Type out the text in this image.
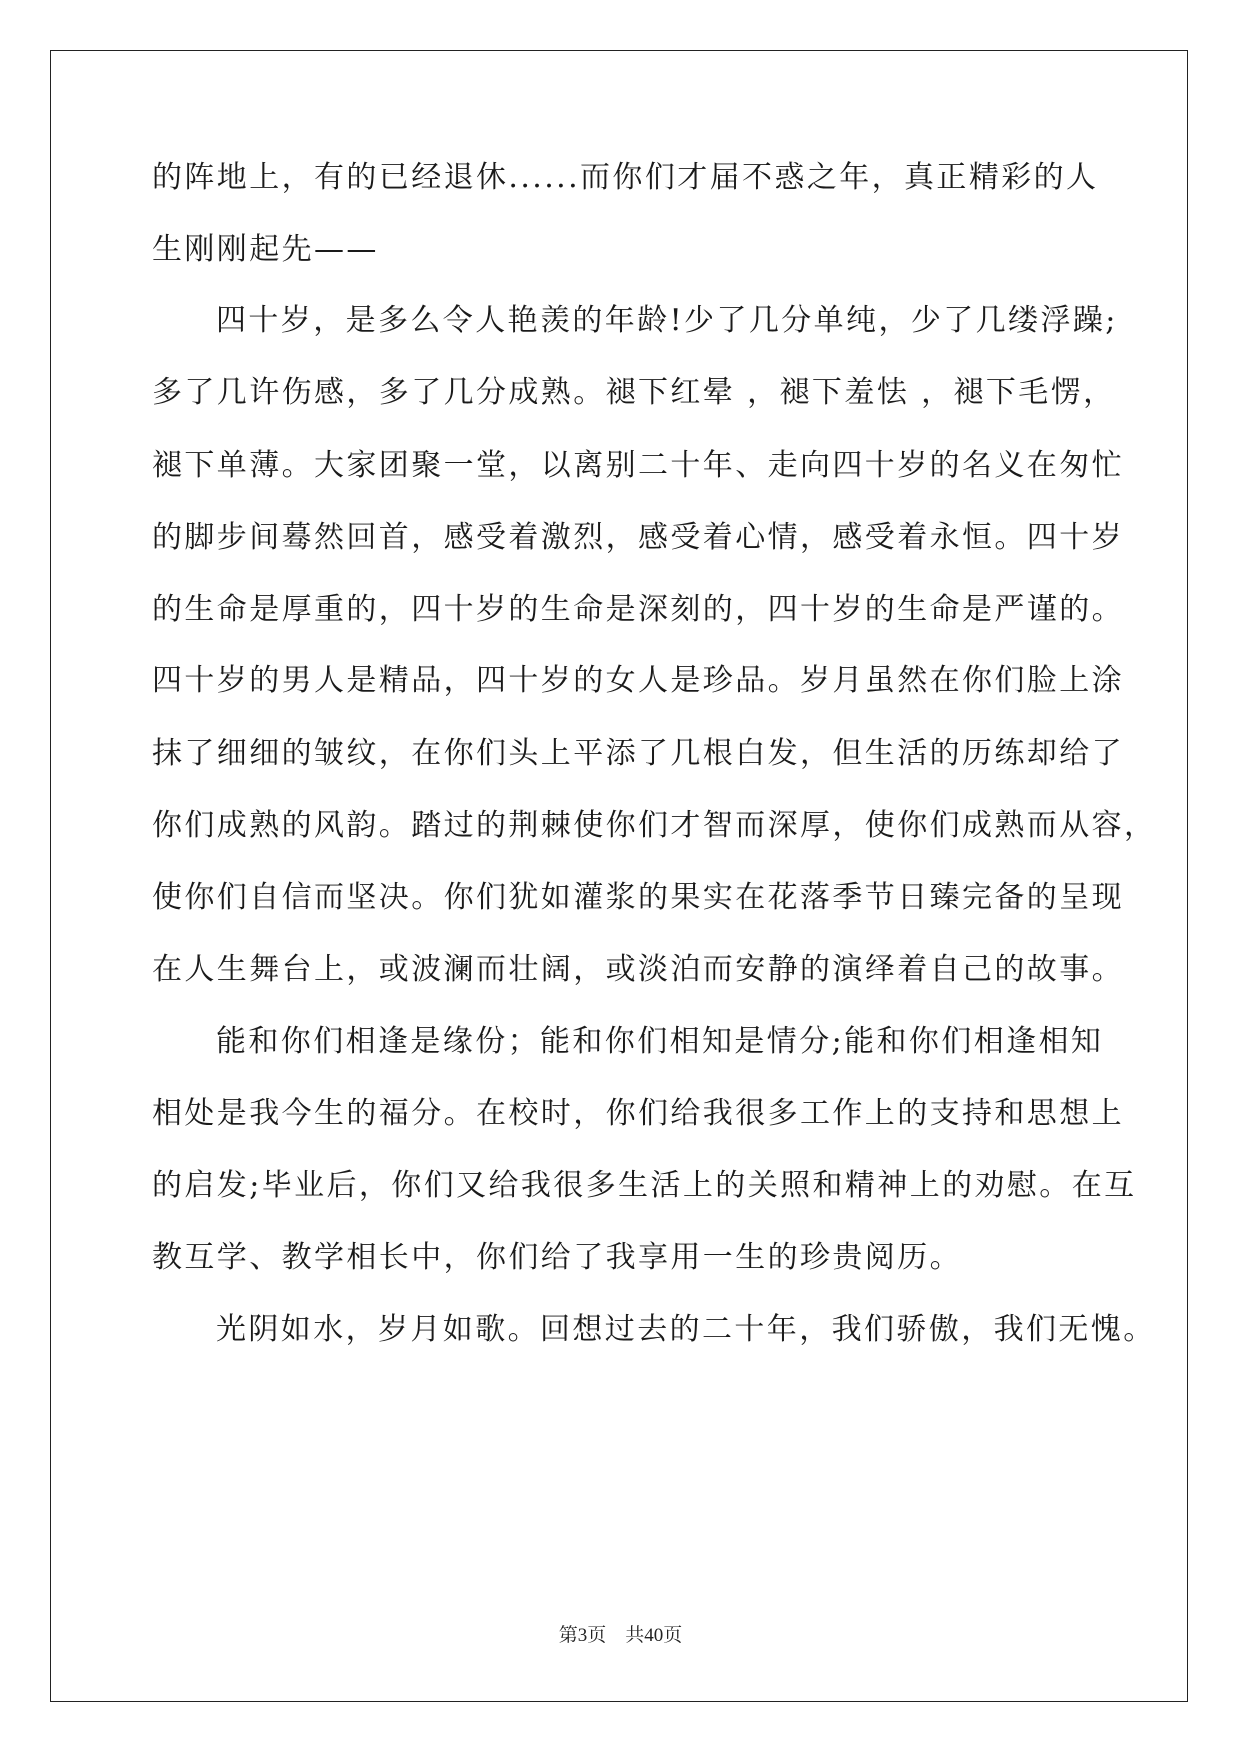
的阵地上，有的已经退休......而你们才届不惑之年，真正精彩的人
生刚刚起先——
四十岁，是多么令人艳羡的年龄!少了几分单纯，少了几缕浮躁;
多了几许伤感，多了几分成熟。褪下红晕 ，褪下羞怯 ，褪下毛愣，
褪下单薄。大家团聚一堂，以离别二十年、走向四十岁的名义在匆忙
的脚步间蓦然回首，感受着激烈，感受着心情，感受着永恒。四十岁
的生命是厚重的，四十岁的生命是深刻的，四十岁的生命是严谨的。
四十岁的男人是精品，四十岁的女人是珍品。岁月虽然在你们脸上涂
抹了细细的皱纹，在你们头上平添了几根白发，但生活的历练却给了
你们成熟的风韵。踏过的荆棘使你们才智而深厚，使你们成熟而从容，
使你们自信而坚决。你们犹如灌浆的果实在花落季节日臻完备的呈现
在人生舞台上，或波澜而壮阔，或淡泊而安静的演绎着自己的故事。
能和你们相逢是缘份；能和你们相知是情分;能和你们相逢相知
相处是我今生的福分。在校时，你们给我很多工作上的支持和思想上
的启发;毕业后，你们又给我很多生活上的关照和精神上的劝慰。在互
教互学、教学相长中，你们给了我享用一生的珍贵阅历。
光阴如水，岁月如歌。回想过去的二十年，我们骄傲，我们无愧。
第3页　共40页
